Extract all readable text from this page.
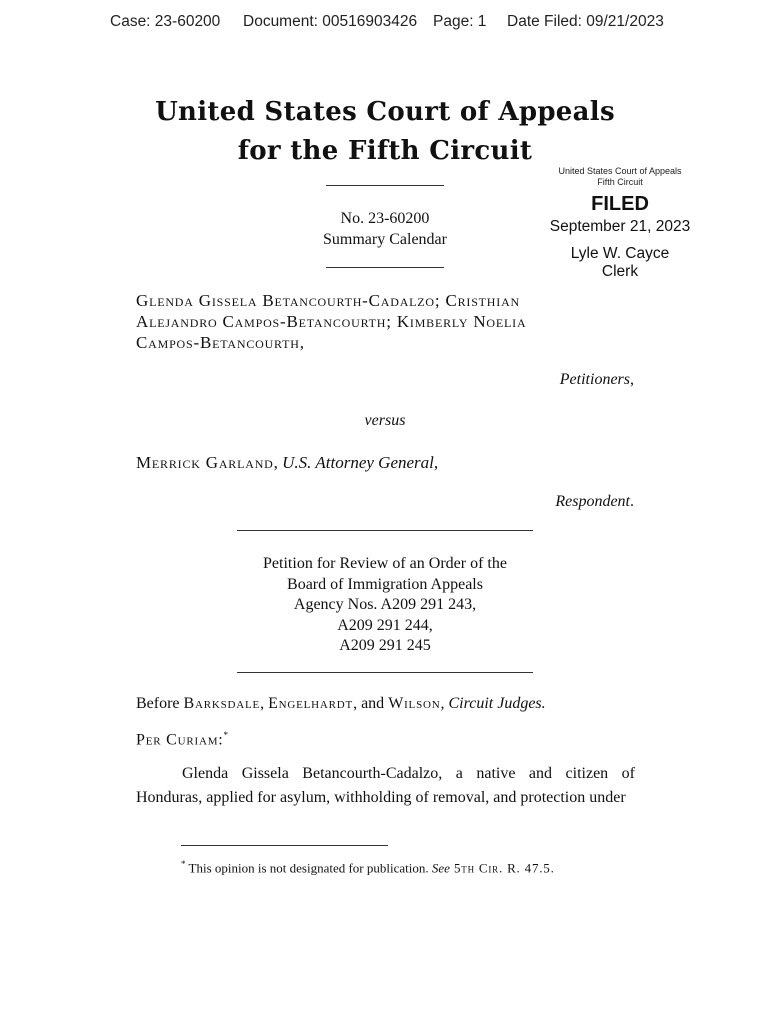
Case: 23-60200 Document: 00516903426 Page: 1 Date Filed: 09/21/2023
United States Court of Appeals
for the Fifth Circuit
United States Court of Appeals
Fifth Circuit
FILED
September 21, 2023
Lyle W. Cayce
Clerk
No. 23-60200
Summary Calendar
Glenda Gissela Betancourth-Cadalzo; Cristhian
Alejandro Campos-Betancourth; Kimberly Noelia
Campos-Betancourth,
Petitioners,
versus
Merrick Garland, U.S. Attorney General,
Respondent.
Petition for Review of an Order of the
Board of Immigration Appeals
Agency Nos. A209 291 243,
A209 291 244,
A209 291 245
Before Barksdale, Engelhardt, and Wilson, Circuit Judges.
Per Curiam:*
Glenda Gissela Betancourth-Cadalzo, a native and citizen of Honduras, applied for asylum, withholding of removal, and protection under
* This opinion is not designated for publication. See 5th Cir. R. 47.5.
